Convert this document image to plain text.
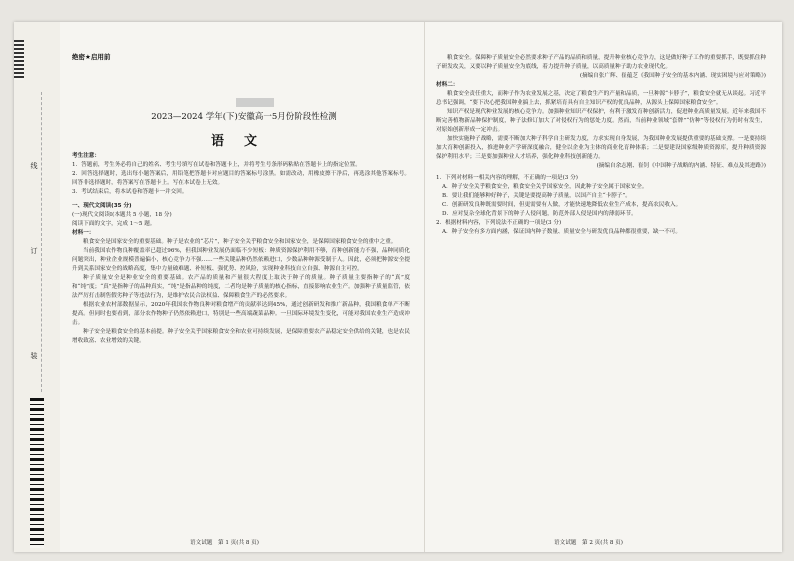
线
订
装
绝密★启用前
2023—2024 学年(下)安徽高一5月份阶段性检测
语文

考生注意：

1．答题前，考生务必将自己的姓名、考生号填写在试卷和答题卡上，并将考生号条形码粘贴在答题卡上的指定位置。

2．回答选择题时，选出每小题答案后，用铅笔把答题卡对应题目的答案标号涂黑。如需改动，用橡皮擦干净后，再选涂其他答案标号。回答非选择题时，将答案写在答题卡上。写在本试卷上无效。

3．考试结束后，将本试卷和答题卡一并交回。

一、现代文阅读(35 分)

(一)现代文阅读Ⅰ(本题共 5 小题，18 分)

阅读下面的文字，完成 1～5 题。

材料一：

粮食安全是国家安全的重要基础。种子是农业的“芯片”，种子安全关乎粮食安全和国家安全，是保障国家粮食安全的重中之重。

当前我国农作物良种覆盖率已超过96%，但我国种业发展仍面临不少短板：种质资源保护利用不够，育种创新能力不强，品种同质化问题突出，种业企业规模普遍偏小，核心竞争力不强……一些关键品种仍然依赖进口，少数品种种源受制于人。因此，必须把种源安全提升到关系国家安全的战略高度，集中力量破难题、补短板、强优势、控风险，实现种业科技自立自强、种源自主可控。

种子质量安全是种业安全的重要基础。农产品的质量和产量很大程度上取决于种子的质量。种子质量主要指种子的“真”度和“纯”度；“真”是指种子的品种真实，“纯”是指品种的纯度，二者均是种子质量的核心指标，直接影响农业生产。加强种子质量监管，依法严厉打击制售假劣种子等违法行为，是维护农民合法权益、保障粮食生产的必然要求。

根据农业农村部数据显示，2020年我国农作物良种对粮食增产的贡献率达到45%，通过创新研发和推广新品种，我国粮食单产不断提高。但同时也要看到，部分农作物种子仍然依赖进口，特别是一些高端蔬菜品种。一旦国际环境发生变化，可能对我国农业生产造成冲击。

种子安全是粮食安全的基本前提。种子安全关乎国家粮食安全和农业可持续发展，是保障重要农产品稳定安全供给的关键，也是农民增收致富、农业增效的关键。

语文试题　第 1 页(共 8 页)

粮食安全。保障种子质量安全必然要求种子产品的品质和质量，提升种业核心竞争力，这是做好种子工作的重要抓手，既要抓住种子研发攻关，又要以种子质量安全为底线，着力提升种子质量，以高质量种子助力农业现代化。

(摘编自张广辉、崔蕴芝《我国种子安全的基本内涵、现实困境与应对策略》)

材料二：

粮食安全责任重大，而种子作为农业发展之基，决定了粮食生产的产量和品质，一旦种源“卡脖子”，粮食安全就无从谈起。习近平总书记强调，“要下决心把我国种业搞上去，抓紧培育具有自主知识产权的优良品种，从源头上保障国家粮食安全”。

知识产权是现代种业发展的核心竞争力。加强种业知识产权保护，有利于激发育种创新活力，促进种业高质量发展。近年来我国不断完善植物新品种保护制度，种子法修订加大了对侵权行为的惩处力度。然而，当前种业领域“套牌”“仿种”等侵权行为仍时有发生，对原始创新形成一定冲击。

加快实施种子战略，需要不断加大种子科学自主研发力度，力求实现自身发展，为我国种业发展提供重要的基础支撑。一是要持续加大育种创新投入，推进种业产学研深度融合，健全以企业为主体的商业化育种体系；二是要建设国家级种质资源库，提升种质资源保护利用水平；三是要加强种业人才培养，强化种业科技创新能力。

(摘编自余志刚、崔钊《中国种子战略的内涵、特征、难点及其进路》)

1．下列对材料一相关内容的理解，不正确的一项是(3 分)

A．种子安全关乎粮食安全，粮食安全关乎国家安全，因此种子安全属于国家安全。

B．要让我们能够种好种子，关键是要提高种子质量，以国产自主“卡脖子”。

C．创新研发良种既需要时间，但更需要有人做，才能快速地降低农业生产成本，提高农民收入。

D．应对复杂全球化背景下的种子人侵问题，防范外部人侵是国内的薄弱环节。

2．根据材料内容，下列说法不正确的一项是(3 分)

A．种子安全有多方面内涵，保证国内种子数量、质量安全与研发优良品种都很重要，缺一不可。

语文试题　第 2 页(共 8 页)
